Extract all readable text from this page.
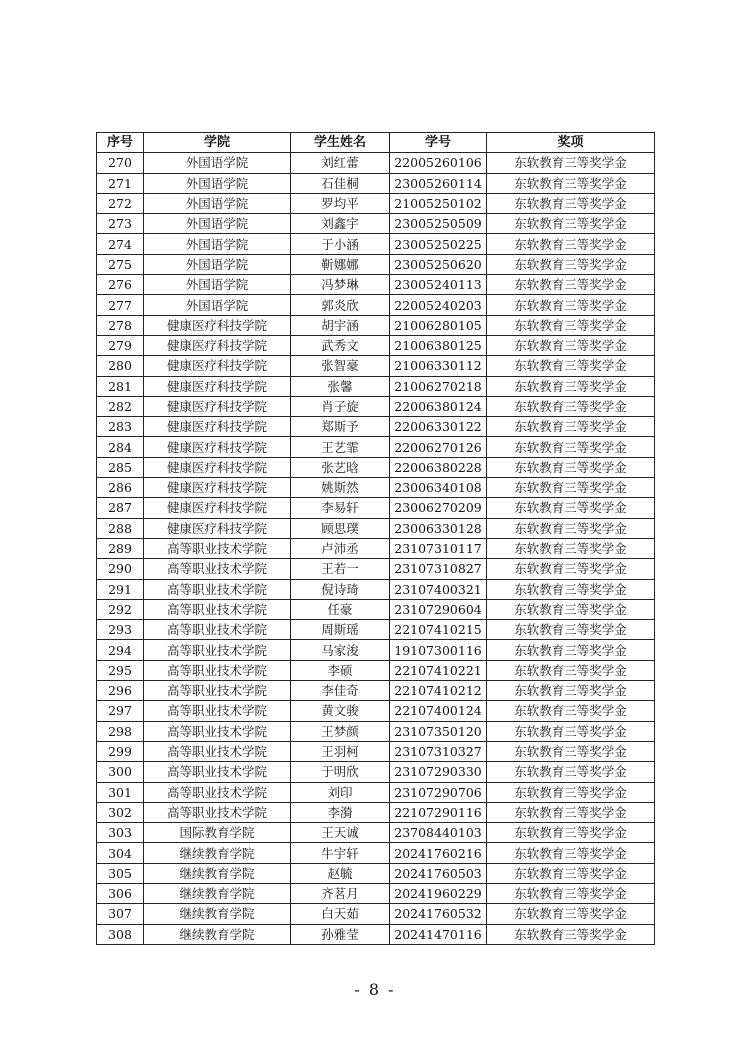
序号	学院	学生姓名	学号	奖项
270	外国语学院	刘红蕾	22005260106	东软教育三等奖学金
271	外国语学院	石佳桐	23005260114	东软教育三等奖学金
272	外国语学院	罗均平	21005250102	东软教育三等奖学金
273	外国语学院	刘鑫宇	23005250509	东软教育三等奖学金
274	外国语学院	于小涵	23005250225	东软教育三等奖学金
275	外国语学院	靳娜娜	23005250620	东软教育三等奖学金
276	外国语学院	冯梦琳	23005240113	东软教育三等奖学金
277	外国语学院	郭炎欣	22005240203	东软教育三等奖学金
278	健康医疗科技学院	胡宇涵	21006280105	东软教育三等奖学金
279	健康医疗科技学院	武秀文	21006380125	东软教育三等奖学金
280	健康医疗科技学院	张智豪	21006330112	东软教育三等奖学金
281	健康医疗科技学院	张馨	21006270218	东软教育三等奖学金
282	健康医疗科技学院	肖子旋	22006380124	东软教育三等奖学金
283	健康医疗科技学院	郑斯予	22006330122	东软教育三等奖学金
284	健康医疗科技学院	王艺霏	22006270126	东软教育三等奖学金
285	健康医疗科技学院	张艺晗	22006380228	东软教育三等奖学金
286	健康医疗科技学院	姚斯然	23006340108	东软教育三等奖学金
287	健康医疗科技学院	李易轩	23006270209	东软教育三等奖学金
288	健康医疗科技学院	顾思璞	23006330128	东软教育三等奖学金
289	高等职业技术学院	卢沛丞	23107310117	东软教育三等奖学金
290	高等职业技术学院	王若一	23107310827	东软教育三等奖学金
291	高等职业技术学院	倪诗琦	23107400321	东软教育三等奖学金
292	高等职业技术学院	任豪	23107290604	东软教育三等奖学金
293	高等职业技术学院	周斯瑶	22107410215	东软教育三等奖学金
294	高等职业技术学院	马家浚	19107300116	东软教育三等奖学金
295	高等职业技术学院	李硕	22107410221	东软教育三等奖学金
296	高等职业技术学院	李佳奇	22107410212	东软教育三等奖学金
297	高等职业技术学院	黄文骏	22107400124	东软教育三等奖学金
298	高等职业技术学院	王梦颜	23107350120	东软教育三等奖学金
299	高等职业技术学院	王羽柯	23107310327	东软教育三等奖学金
300	高等职业技术学院	于明欣	23107290330	东软教育三等奖学金
301	高等职业技术学院	刘印	23107290706	东软教育三等奖学金
302	高等职业技术学院	李漪	22107290116	东软教育三等奖学金
303	国际教育学院	王天诚	23708440103	东软教育三等奖学金
304	继续教育学院	牛宇轩	20241760216	东软教育三等奖学金
305	继续教育学院	赵毓	20241760503	东软教育三等奖学金
306	继续教育学院	齐茗月	20241960229	东软教育三等奖学金
307	继续教育学院	白天茹	20241760532	东软教育三等奖学金
308	继续教育学院	孙雅莹	20241470116	东软教育三等奖学金
- 8 -
